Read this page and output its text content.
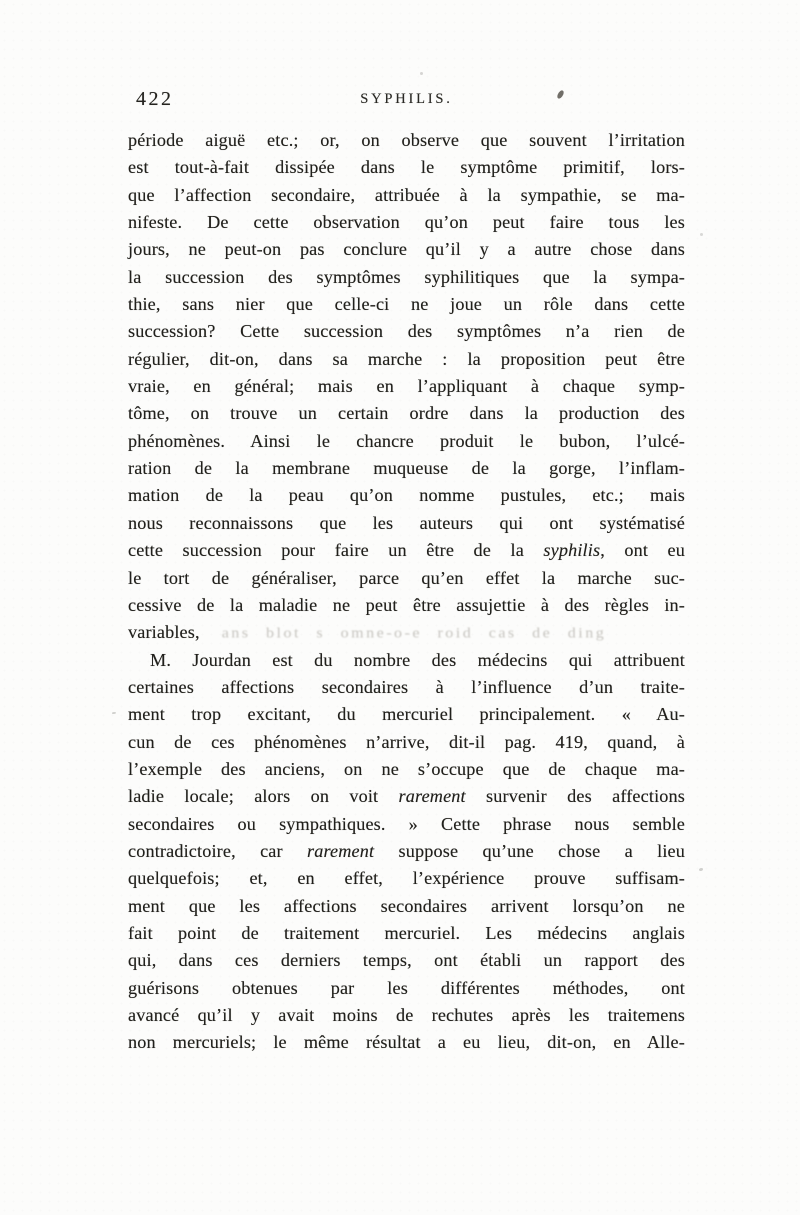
422	SYPHILIS.
période aiguë etc.; or, on observe que souvent l’irritation
est tout-à-fait dissipée dans le symptôme primitif, lors-
que l’affection secondaire, attribuée à la sympathie, se ma-
nifeste. De cette observation qu’on peut faire tous les
jours, ne peut-on pas conclure qu’il y a autre chose dans
la succession des symptômes syphilitiques que la sympa-
thie, sans nier que celle-ci ne joue un rôle dans cette
succession? Cette succession des symptômes n’a rien de
régulier, dit-on, dans sa marche : la proposition peut être
vraie, en général; mais en l’appliquant à chaque symp-
tôme, on trouve un certain ordre dans la production des
phénomènes. Ainsi le chancre produit le bubon, l’ulcé-
ration de la membrane muqueuse de la gorge, l’inflam-
mation de la peau qu’on nomme pustules, etc.; mais
nous reconnaissons que les auteurs qui ont systématisé
cette succession pour faire un être de la syphilis, ont eu
le tort de généraliser, parce qu’en effet la marche suc-
cessive de la maladie ne peut être assujettie à des règles in-
variables, ans blot s omne-o-e roid cas de ding
M. Jourdan est du nombre des médecins qui attribuent
certaines affections secondaires à l’influence d’un traite-
ment trop excitant, du mercuriel principalement. « Au-
cun de ces phénomènes n’arrive, dit-il pag. 419, quand, à
l’exemple des anciens, on ne s’occupe que de chaque ma-
ladie locale; alors on voit rarement survenir des affections
secondaires ou sympathiques. » Cette phrase nous semble
contradictoire, car rarement suppose qu’une chose a lieu
quelquefois; et, en effet, l’expérience prouve suffisam-
ment que les affections secondaires arrivent lorsqu’on ne
fait point de traitement mercuriel. Les médecins anglais
qui, dans ces derniers temps, ont établi un rapport des
guérisons obtenues par les différentes méthodes, ont
avancé qu’il y avait moins de rechutes après les traitemens
non mercuriels; le même résultat a eu lieu, dit-on, en Alle-
